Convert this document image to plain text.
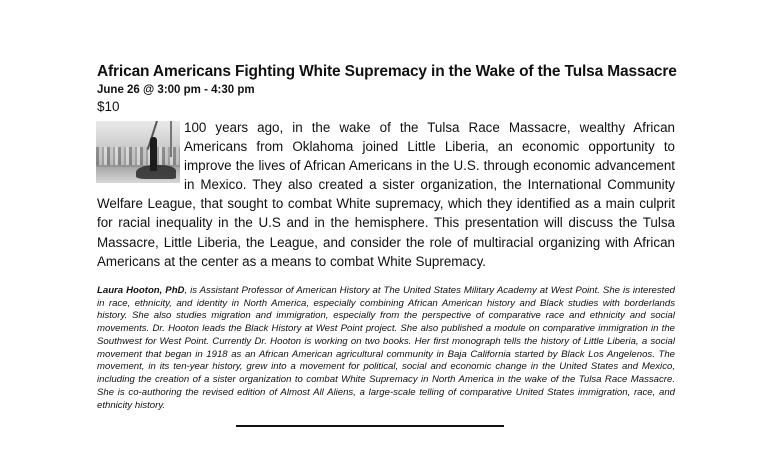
African Americans Fighting White Supremacy in the Wake of the Tulsa Massacre
June 26 @ 3:00 pm - 4:30 pm
$10

100 years ago, in the wake of the Tulsa Race Massacre, wealthy African Americans from Oklahoma joined Little Liberia, an economic opportunity to improve the lives of African Americans in the U.S. through economic advancement in Mexico. They also created a sister organization, the International Community Welfare League, that sought to combat White supremacy, which they identified as a main culprit for racial inequality in the U.S and in the hemisphere. This presentation will discuss the Tulsa Massacre, Little Liberia, the League, and consider the role of multiracial organizing with African Americans at the center as a means to combat White Supremacy.

Laura Hooton, PhD, is Assistant Professor of American History at The United States Military Academy at West Point. She is interested in race, ethnicity, and identity in North America, especially combining African American history and Black studies with borderlands history. She also studies migration and immigration, especially from the perspective of comparative race and ethnicity and social movements. Dr. Hooton leads the Black History at West Point project. She also published a module on comparative immigration in the Southwest for West Point. Currently Dr. Hooton is working on two books. Her first monograph tells the history of Little Liberia, a social movement that began in 1918 as an African American agricultural community in Baja California started by Black Los Angelenos. The movement, in its ten-year history, grew into a movement for political, social and economic change in the United States and Mexico, including the creation of a sister organization to combat White Supremacy in North America in the wake of the Tulsa Race Massacre. She is co-authoring the revised edition of Almost All Aliens, a large-scale telling of comparative United States immigration, race, and ethnicity history.
